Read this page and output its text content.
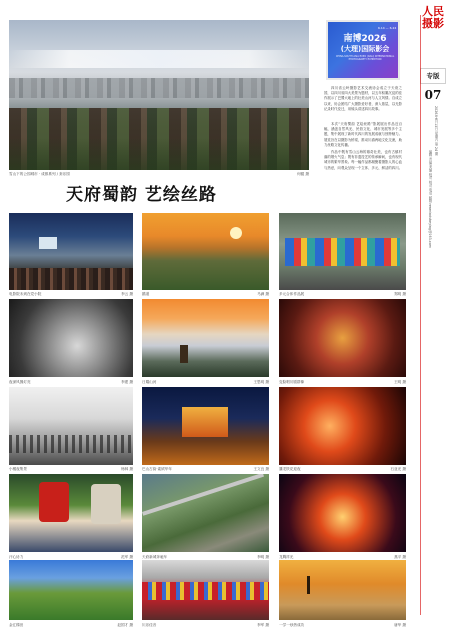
人民摄影
专版
07
2026年6月13日 星期六 第 24 期
编辑 责编 美编 校对 校对 电话 邮箱 renmindsheying@163.com
雪山下的公园城市 · 成都系列 / 套乐园	何健 摄
南博2026
(大理)国际影会
CHINA-SOUTH ASIA EXPO (DALI) INTERNATIONAL PHOTOGRAPHY EXHIBITION
6.14 — 6.24
四川省云岭摄影艺术交流协会成立于天府之国，以四川省四大美景为题材，以五年积累沉淀的佳作展示了巴蜀大地上的壮美山河与人文风情。自成立以来，协会团结广大摄影爱好者，深入基层，以光影记录时代变迁，用镜头讲述四川故事。
本次“天府蜀韵 艺绘丝路”影展展出作品近百幅，涵盖自然风光、民俗文化、城市发展等多个主题，集中展现了新时代四川的发展成就与独特魅力。展览旨在以摄影为桥梁，推动川滇两地文化交流，助力丝路文化传播。
作品中既有雪山云海的雄奇壮美，也有古镇村落的烟火气息；既有非遗技艺的传承瞬间，也有现代城市的繁华景象。每一幅作品都凝聚着摄影人的心血与热爱，向观众呈现一个立体、多元、鲜活的四川。
天府蜀韵 艺绘丝路
电影院未到在党小院	李云 摄	鹅道	马满 摄	多元合体作品展	郑明 摄
夜深风拂灯亮	李建 摄	日耀山河	王思明 摄	变脸唱川剧群像	王明 摄
小楼夜集景	杨林 摄	巴山古韵·素绒华年	王文良 摄	馕龙铁花迎夜	石亚光 摄
汗心协力	范军 摄	天府新城奔驰车	李明 摄	龙腾祥光	燕平 摄
金汇梯田	赵国才 摄	川乐佳音	李军 摄	一学一炒热成功	唐华 摄
